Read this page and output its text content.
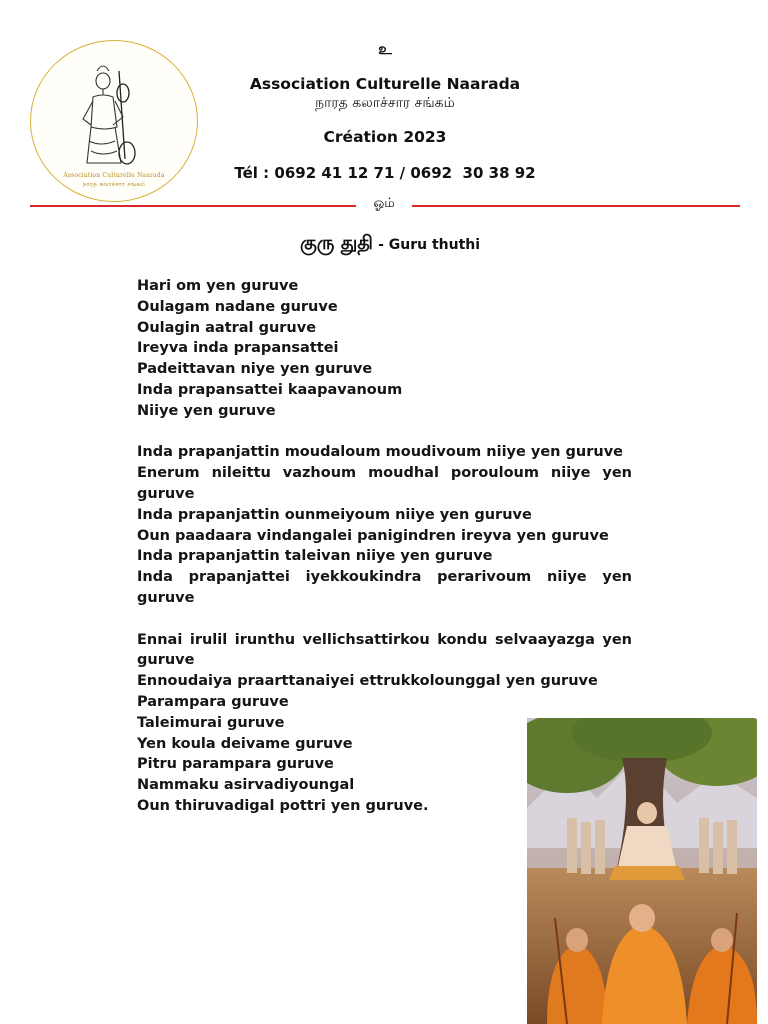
Association Culturelle Naarada
நாரத கலாச்சார சங்கம்
உ
Association Culturelle Naarada
நாரத கலாச்சார சங்கம்
Création 2023
Tél : 0692 41 12 71 / 0692  30 38 92
ஓம்
குரு துதி - Guru thuthi
Hari om yen guruve
Oulagam nadane guruve
Oulagin aatral guruve
Ireyva inda prapansattei
Padeittavan niye yen guruve
Inda prapansattei kaapavanoum
Niiye yen guruve
Inda prapanjattin moudaloum moudivoum niiye yen guruve
Enerum nileittu vazhoum moudhal porouloum niiye yen guruve
Inda prapanjattin ounmeiyoum niiye yen guruve
Oun paadaara vindangalei panigindren ireyva yen guruve
Inda prapanjattin taleivan niiye yen guruve
Inda prapanjattei iyekkoukindra perarivoum niiye yen guruve
Ennai irulil irunthu vellichsattirkou kondu selvaayazga yen guruve
Ennoudaiya praarttanaiyei ettrukkolounggal yen guruve
Parampara guruve
Taleimurai guruve
Yen koula deivame guruve
Pitru parampara guruve
Nammaku asirvadiyoungal
Oun thiruvadigal pottri yen guruve.
